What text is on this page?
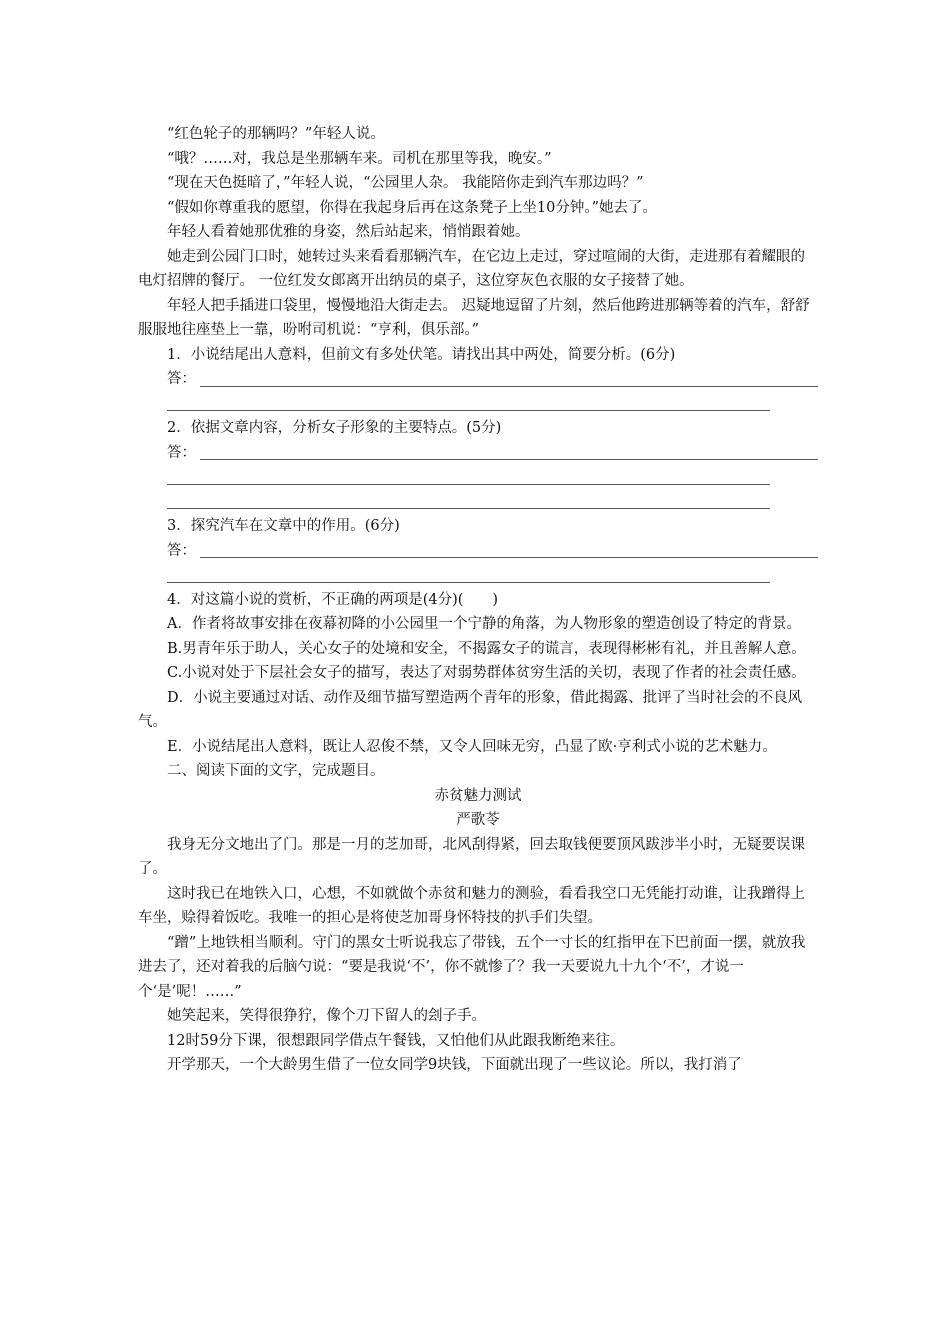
“红色轮子的那辆吗？”年轻人说。

“哦？……对，我总是坐那辆车来。司机在那里等我，晚安。”

“现在天色挺暗了，”年轻人说，“公园里人杂。 我能陪你走到汽车那边吗？”

“假如你尊重我的愿望，你得在我起身后再在这条凳子上坐10分钟。”她去了。

年轻人看着她那优雅的身姿，然后站起来，悄悄跟着她。

她走到公园门口时，她转过头来看看那辆汽车，在它边上走过，穿过喧闹的大街，走进那有着耀眼的电灯招牌的餐厅。 一位红发女郎离开出纳员的桌子，这位穿灰色衣服的女子接替了她。

年轻人把手插进口袋里，慢慢地沿大街走去。 迟疑地逗留了片刻，然后他跨进那辆等着的汽车，舒舒服服地往座垫上一靠，吩咐司机说：“亨利，俱乐部。”

1．小说结尾出人意料，但前文有多处伏笔。请找出其中两处，简要分析。(6分)

答：

2．依据文章内容，分析女子形象的主要特点。(5分)

答：

3．探究汽车在文章中的作用。(6分)

答：

4．对这篇小说的赏析，不正确的两项是(4分)(　　)

A．作者将故事安排在夜幕初降的小公园里一个宁静的角落，为人物形象的塑造创设了特定的背景。

B.男青年乐于助人，关心女子的处境和安全，不揭露女子的谎言，表现得彬彬有礼，并且善解人意。

C.小说对处于下层社会女子的描写，表达了对弱势群体贫穷生活的关切，表现了作者的社会责任感。

D．小说主要通过对话、动作及细节描写塑造两个青年的形象，借此揭露、批评了当时社会的不良风气。

E．小说结尾出人意料，既让人忍俊不禁，又令人回味无穷，凸显了欧·亨利式小说的艺术魅力。

二、阅读下面的文字，完成题目。

赤贫魅力测试

严歌苓

我身无分文地出了门。那是一月的芝加哥，北风刮得紧，回去取钱便要顶风跋涉半小时，无疑要误课了。

这时我已在地铁入口，心想，不如就做个赤贫和魅力的测验，看看我空口无凭能打动谁，让我蹭得上车坐，赊得着饭吃。我唯一的担心是将使芝加哥身怀特技的扒手们失望。

“蹭”上地铁相当顺利。守门的黑女士听说我忘了带钱，五个一寸长的红指甲在下巴前面一摆，就放我进去了，还对着我的后脑勺说：“要是我说‘不’，你不就惨了？我一天要说九十九个‘不’，才说一个‘是’呢！……”

她笑起来，笑得很狰狞，像个刀下留人的刽子手。

12时59分下课，很想跟同学借点午餐钱，又怕他们从此跟我断绝来往。

开学那天，一个大龄男生借了一位女同学9块钱，下面就出现了一些议论。所以，我打消了
